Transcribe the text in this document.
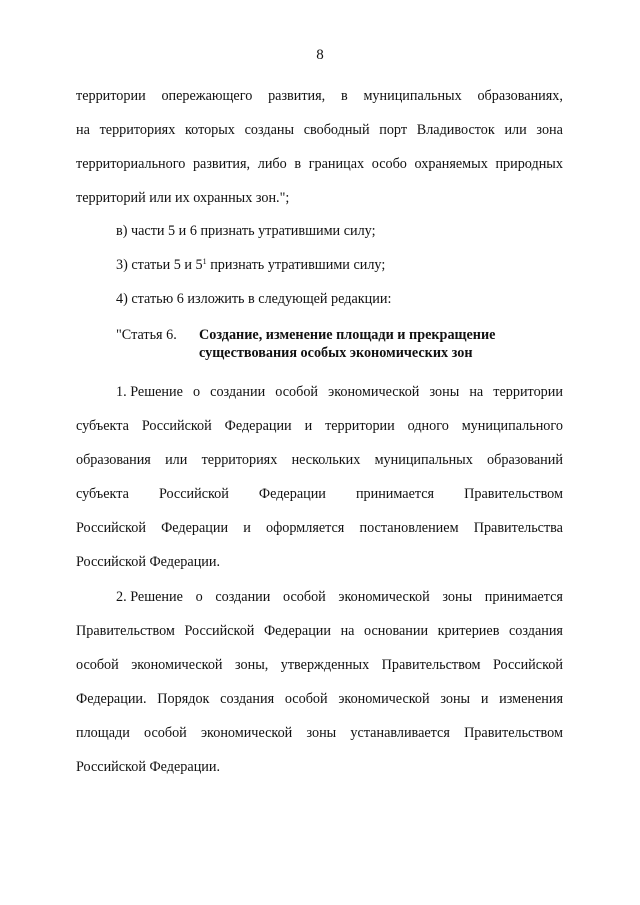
8
территории опережающего развития, в муниципальных образованиях,
на территориях которых созданы свободный порт Владивосток или зона
территориального развития, либо в границах особо охраняемых природных
территорий или их охранных зон.";
в) части 5 и 6 признать утратившими силу;
3) статьи 5 и $5^1$ признать утратившими силу;
4) статью 6 изложить в следующей редакции:
"Статья 6. Создание, изменение площади и прекращение
существования особых экономических зон
1. Решение о создании особой экономической зоны на территории
субъекта Российской Федерации и территории одного муниципального
образования или территориях нескольких муниципальных образований
субъекта Российской Федерации принимается Правительством
Российской Федерации и оформляется постановлением Правительства
Российской Федерации.
2. Решение о создании особой экономической зоны принимается
Правительством Российской Федерации на основании критериев создания
особой экономической зоны, утвержденных Правительством Российской
Федерации. Порядок создания особой экономической зоны и изменения
площади особой экономической зоны устанавливается Правительством
Российской Федерации.
